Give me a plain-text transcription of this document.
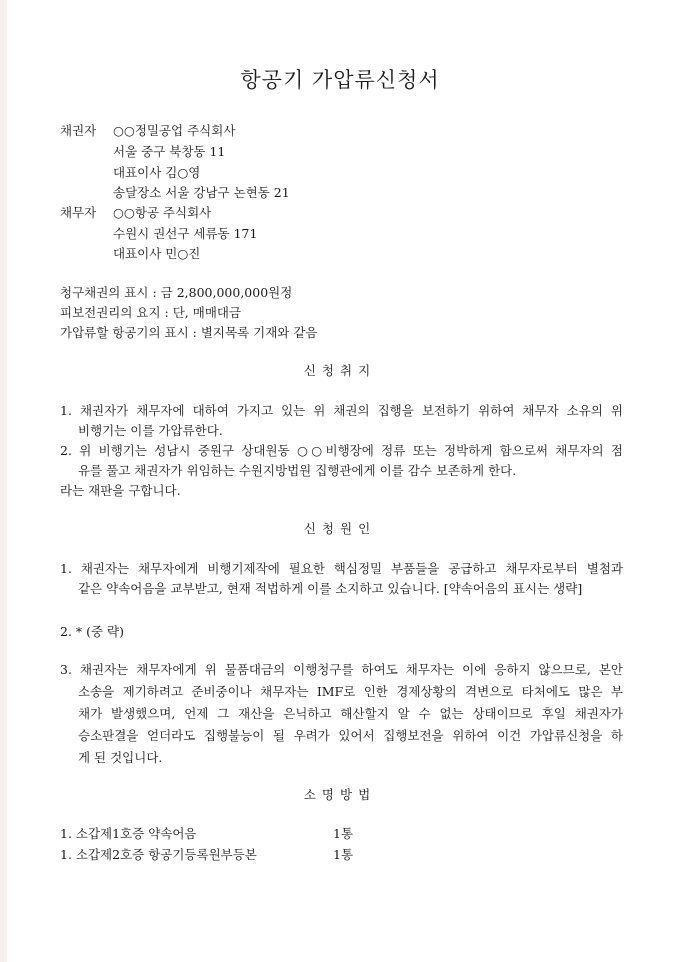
항공기 가압류신청서
채권자 ○○정밀공업 주식회사
서울 중구 북창동 11
대표이사 김○영
송달장소 서울 강남구 논현동 21
채무자 ○○항공 주식회사
수원시 권선구 세류동 171
대표이사 민○진
청구채권의 표시 : 금 2,800,000,000원정
피보전권리의 요지 : 단, 매매대금
가압류할 항공기의 표시 : 별지목록 기재와 같음
신청취지
1. 채권자가 채무자에 대하여 가지고 있는 위 채권의 집행을 보전하기 위하여 채무자 소유의 위
비행기는 이를 가압류한다.
2. 위 비행기는 성남시 중원구 상대원동 ○○비행장에 정류 또는 정박하게 함으로써 채무자의 점
유를 풀고 채권자가 위임하는 수원지방법원 집행관에게 이를 감수 보존하게 한다.
라는 재판을 구합니다.
신청원인
1. 채권자는 채무자에게 비행기제작에 필요한 핵심정밀 부품들을 공급하고 채무자로부터 별첨과
같은 약속어음을 교부받고, 현재 적법하게 이를 소지하고 있습니다. [약속어음의 표시는 생략]
2. * (중 략)
3. 채권자는 채무자에게 위 물품대금의 이행청구를 하여도 채무자는 이에 응하지 않으므로, 본안
소송을 제기하려고 준비중이나 채무자는 IMF로 인한 경제상황의 격변으로 타처에도 많은 부
채가 발생했으며, 언제 그 재산을 은닉하고 해산할지 알 수 없는 상태이므로 후일 채권자가
승소판결을 얻더라도 집행불능이 될 우려가 있어서 집행보전을 위하여 이건 가압류신청을 하
게 된 것입니다.
소명방법
1. 소갑제1호증 약속어음	1통
1. 소갑제2호증 항공기등록원부등본	1통
